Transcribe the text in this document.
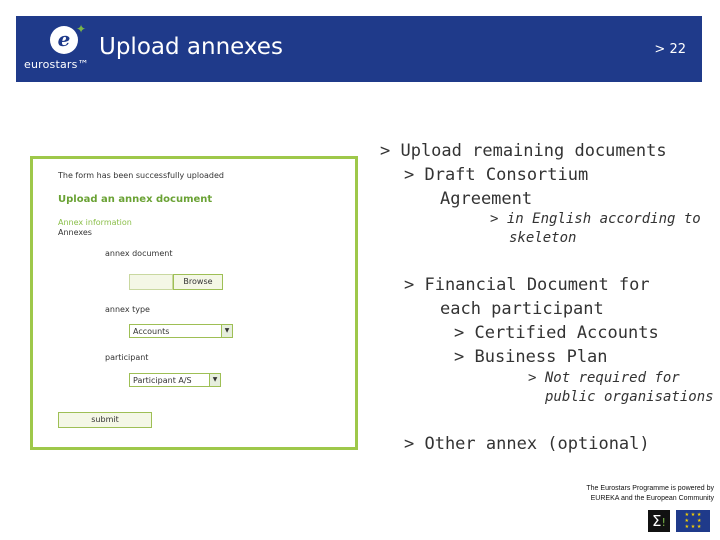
e ✦
eurostars™
Upload annexes	> 22
The form has been successfully uploaded
Upload an annex document
Annex information
Annexes
annex document
Browse
annex type
Accounts	▼
participant
Participant A/S	▼
submit
> Upload remaining documents
> Draft Consortium
Agreement
> in English according to
skeleton
> Financial Document for
each participant
> Certified Accounts
> Business Plan
> Not required for
public organisations
> Other annex (optional)
The Eurostars Programme is powered by
EUREKA and the European Community
Σ!
★ ★ ★
★     ★
★ ★ ★
